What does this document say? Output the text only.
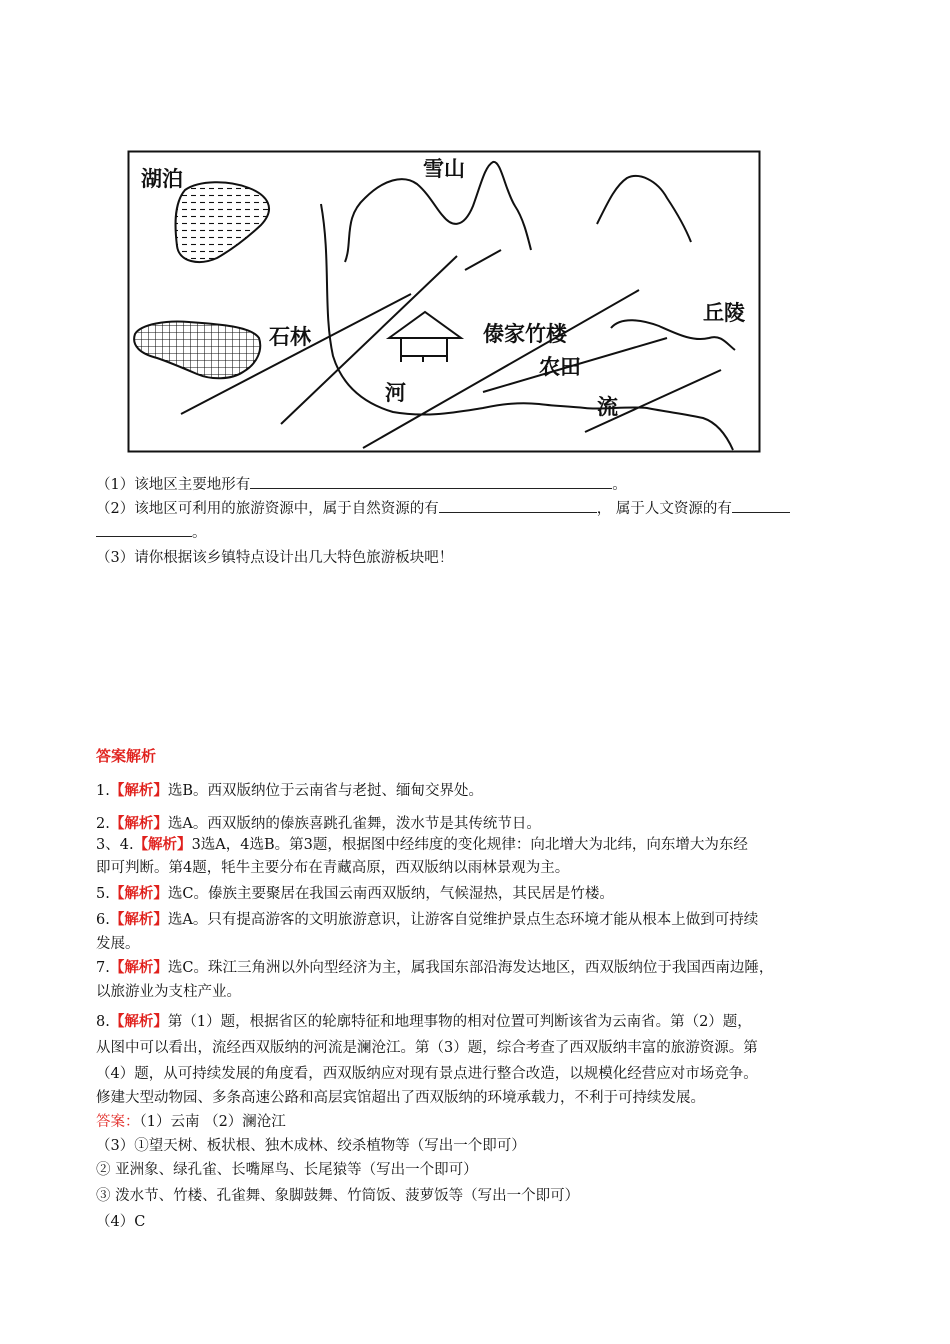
湖泊	雪山
石林	傣家竹楼
丘陵
农田
河
流
（1）该地区主要地形有	。
（2）该地区可利用的旅游资源中，属于自然资源的有	， 属于人文资源的有
。
（3）请你根据该乡镇特点设计出几大特色旅游板块吧！
答案解析
1.【解析】选B。西双版纳位于云南省与老挝、缅甸交界处。
2.【解析】选A。西双版纳的傣族喜跳孔雀舞，泼水节是其传统节日。
3、4.【解析】3选A，4选B。第3题，根据图中经纬度的变化规律：向北增大为北纬，向东增大为东经
即可判断。第4题，牦牛主要分布在青藏高原，西双版纳以雨林景观为主。
5.【解析】选C。傣族主要聚居在我国云南西双版纳，气候湿热，其民居是竹楼。
6.【解析】选A。只有提高游客的文明旅游意识，让游客自觉维护景点生态环境才能从根本上做到可持续
发展。
7.【解析】选C。珠江三角洲以外向型经济为主，属我国东部沿海发达地区，西双版纳位于我国西南边陲，
以旅游业为支柱产业。
8.【解析】第（1）题，根据省区的轮廓特征和地理事物的相对位置可判断该省为云南省。第（2）题，
从图中可以看出，流经西双版纳的河流是澜沧江。第（3）题，综合考查了西双版纳丰富的旅游资源。第
（4）题，从可持续发展的角度看，西双版纳应对现有景点进行整合改造，以规模化经营应对市场竞争。
修建大型动物园、多条高速公路和高层宾馆超出了西双版纳的环境承载力，不利于可持续发展。
答案：（1）云南 （2）澜沧江
（3）①望天树、板状根、独木成林、绞杀植物等（写出一个即可）
② 亚洲象、绿孔雀、长嘴犀鸟、长尾猿等（写出一个即可）
③ 泼水节、竹楼、孔雀舞、象脚鼓舞、竹筒饭、菠萝饭等（写出一个即可）
（4）C
